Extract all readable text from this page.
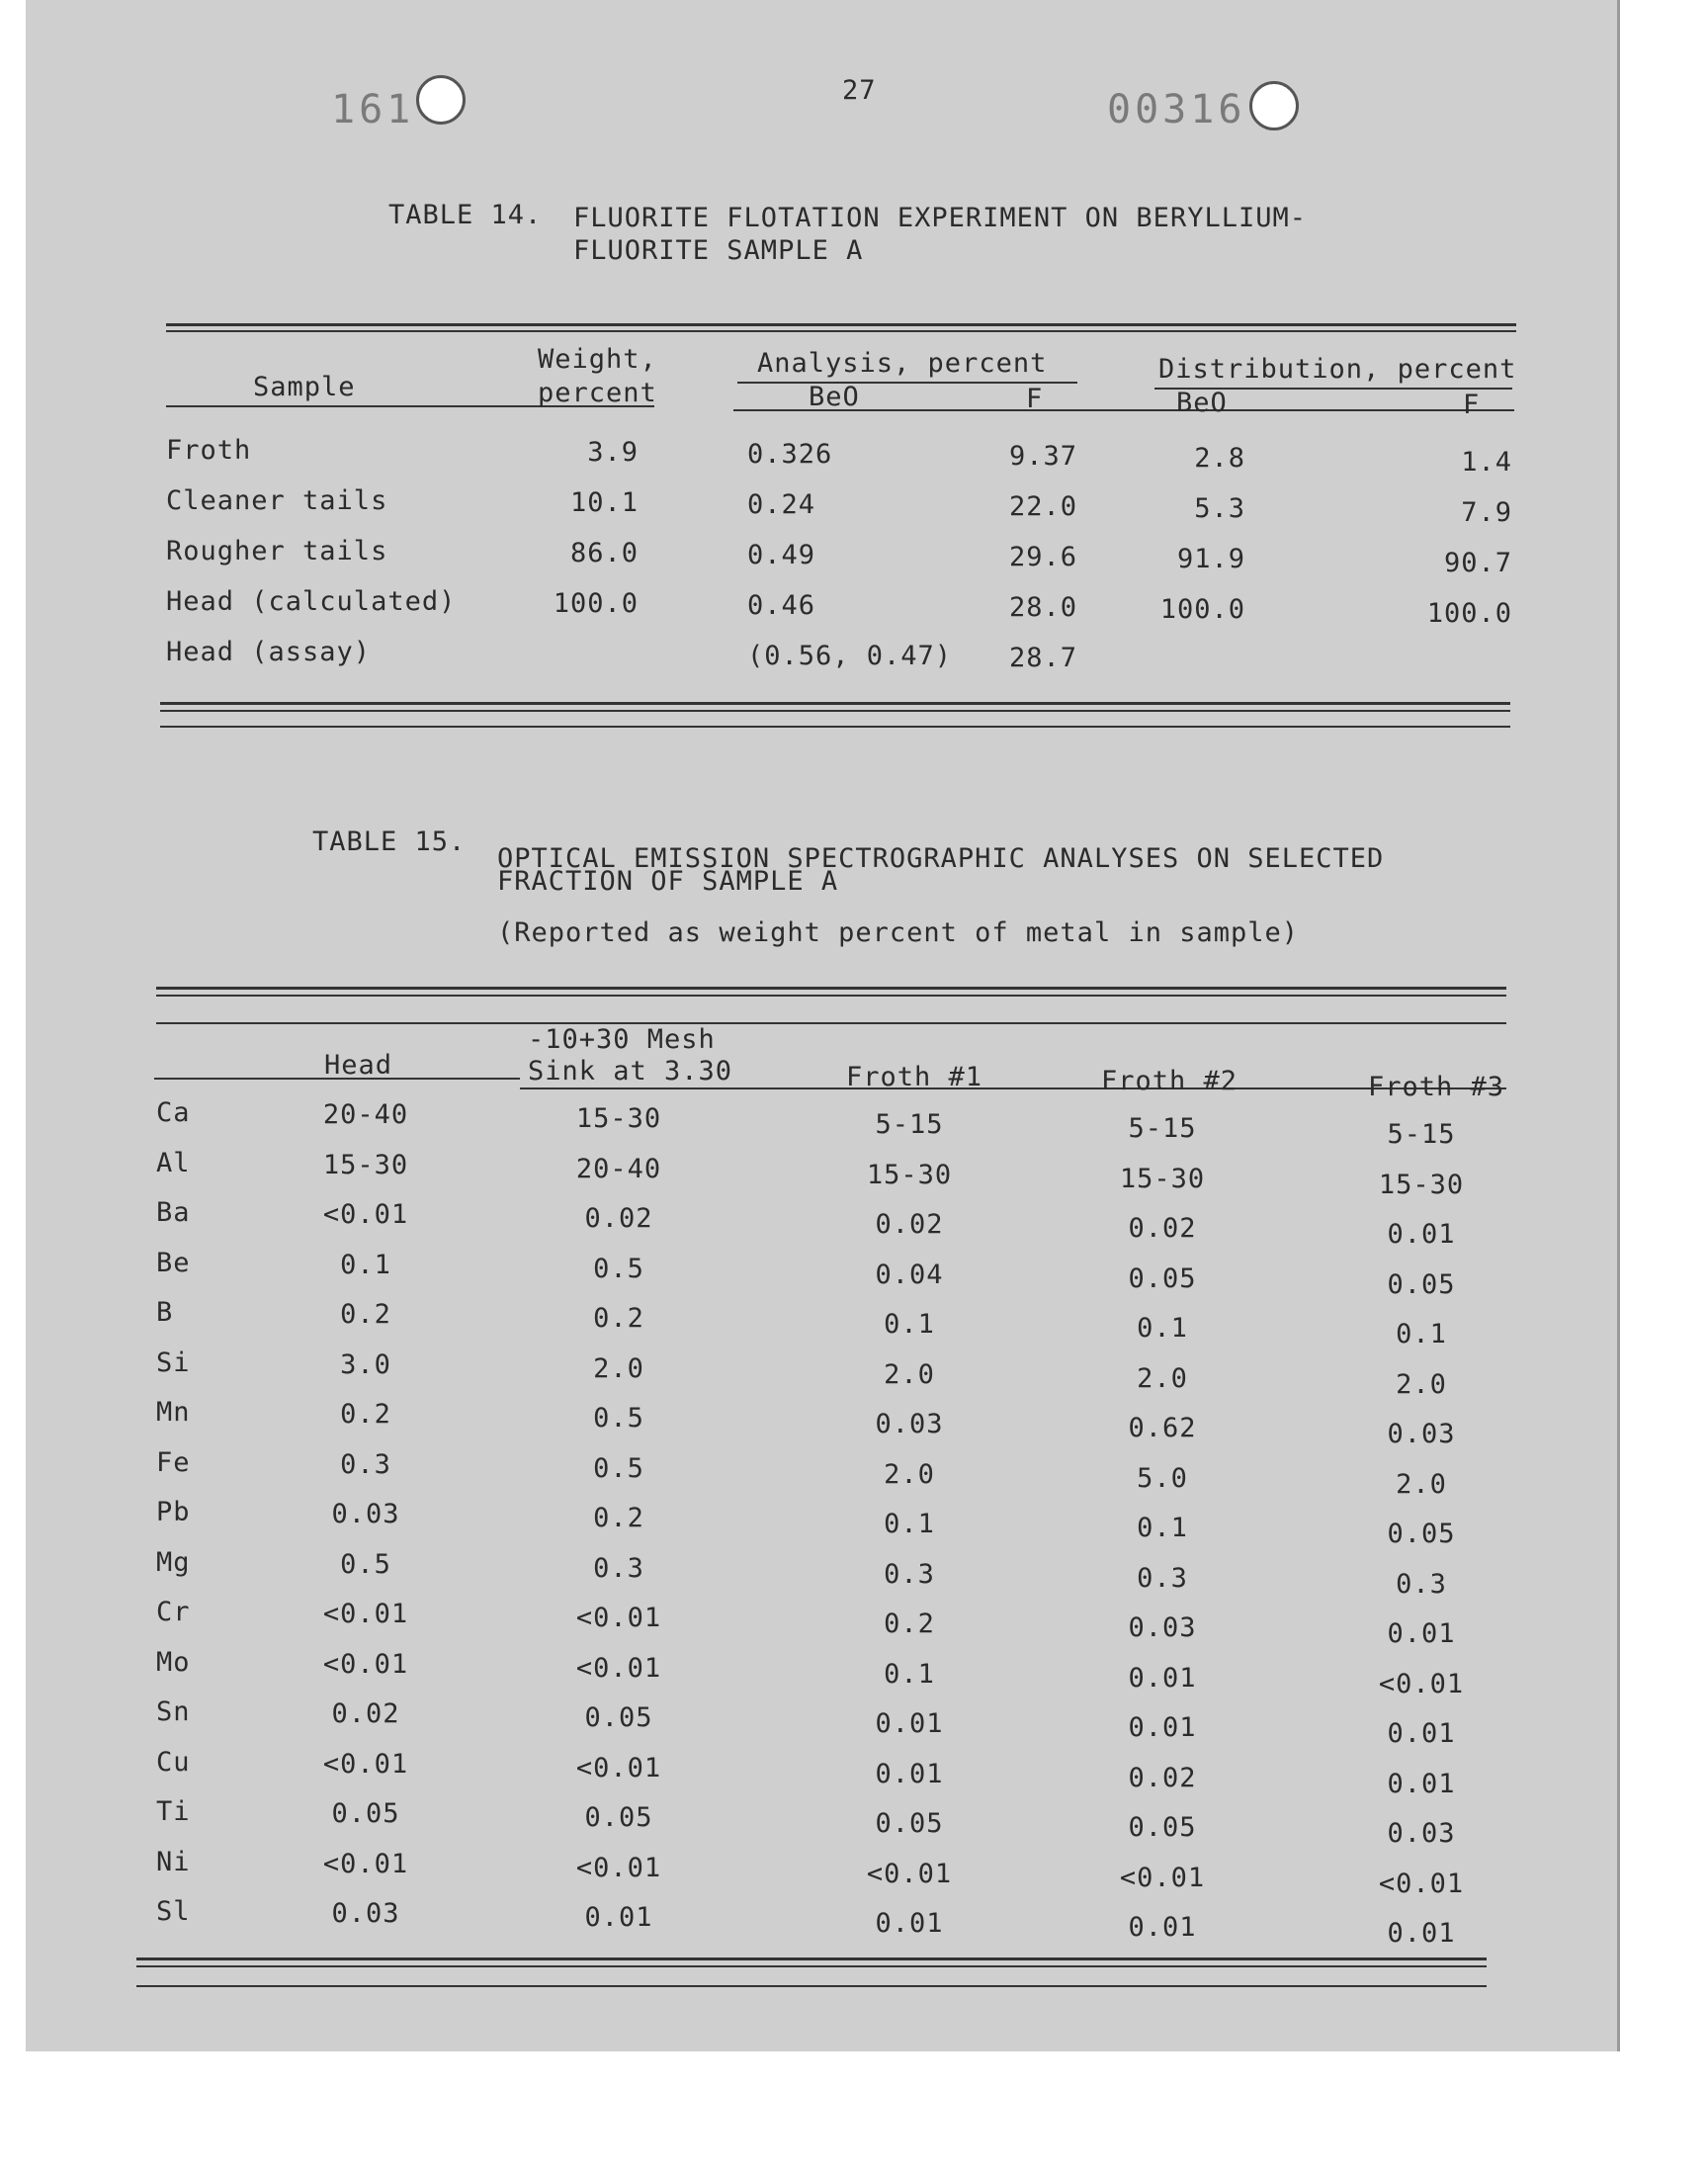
161	27	00316
TABLE 14. FLUORITE FLOTATION EXPERIMENT ON BERYLLIUM-
FLUORITE SAMPLE A
Sample
Weight,
percent
Analysis, percent
BeO	F
Distribution, percent
BeO	F
Froth	3.9	0.326	9.37	2.8	1.4
Cleaner tails	10.1	0.24	22.0	5.3	7.9
Rougher tails	86.0	0.49	29.6	91.9	90.7
Head (calculated)	100.0	0.46	28.0	100.0	100.0
Head (assay)	(0.56, 0.47)	28.7
TABLE 15.
OPTICAL EMISSION SPECTROGRAPHIC ANALYSES ON SELECTED
FRACTION OF SAMPLE A
(Reported as weight percent of metal in sample)
Head
-10+30 Mesh
Sink at 3.30	Froth #1	Froth #2	Froth #3
Ca	20-40	15-30	5-15	5-15	5-15
Al	15-30	20-40	15-30	15-30	15-30
Ba	<0.01	0.02	0.02	0.02	0.01
Be	0.1	0.5	0.04	0.05	0.05
B	0.2	0.2	0.1	0.1	0.1
Si	3.0	2.0	2.0	2.0	2.0
Mn	0.2	0.5	0.03	0.62	0.03
Fe	0.3	0.5	2.0	5.0	2.0
Pb	0.03	0.2	0.1	0.1	0.05
Mg	0.5	0.3	0.3	0.3	0.3
Cr	<0.01	<0.01	0.2	0.03	0.01
Mo	<0.01	<0.01	0.1	0.01	<0.01
Sn	0.02	0.05	0.01	0.01	0.01
Cu	<0.01	<0.01	0.01	0.02	0.01
Ti	0.05	0.05	0.05	0.05	0.03
Ni	<0.01	<0.01	<0.01	<0.01	<0.01
Sl	0.03	0.01	0.01	0.01	0.01
